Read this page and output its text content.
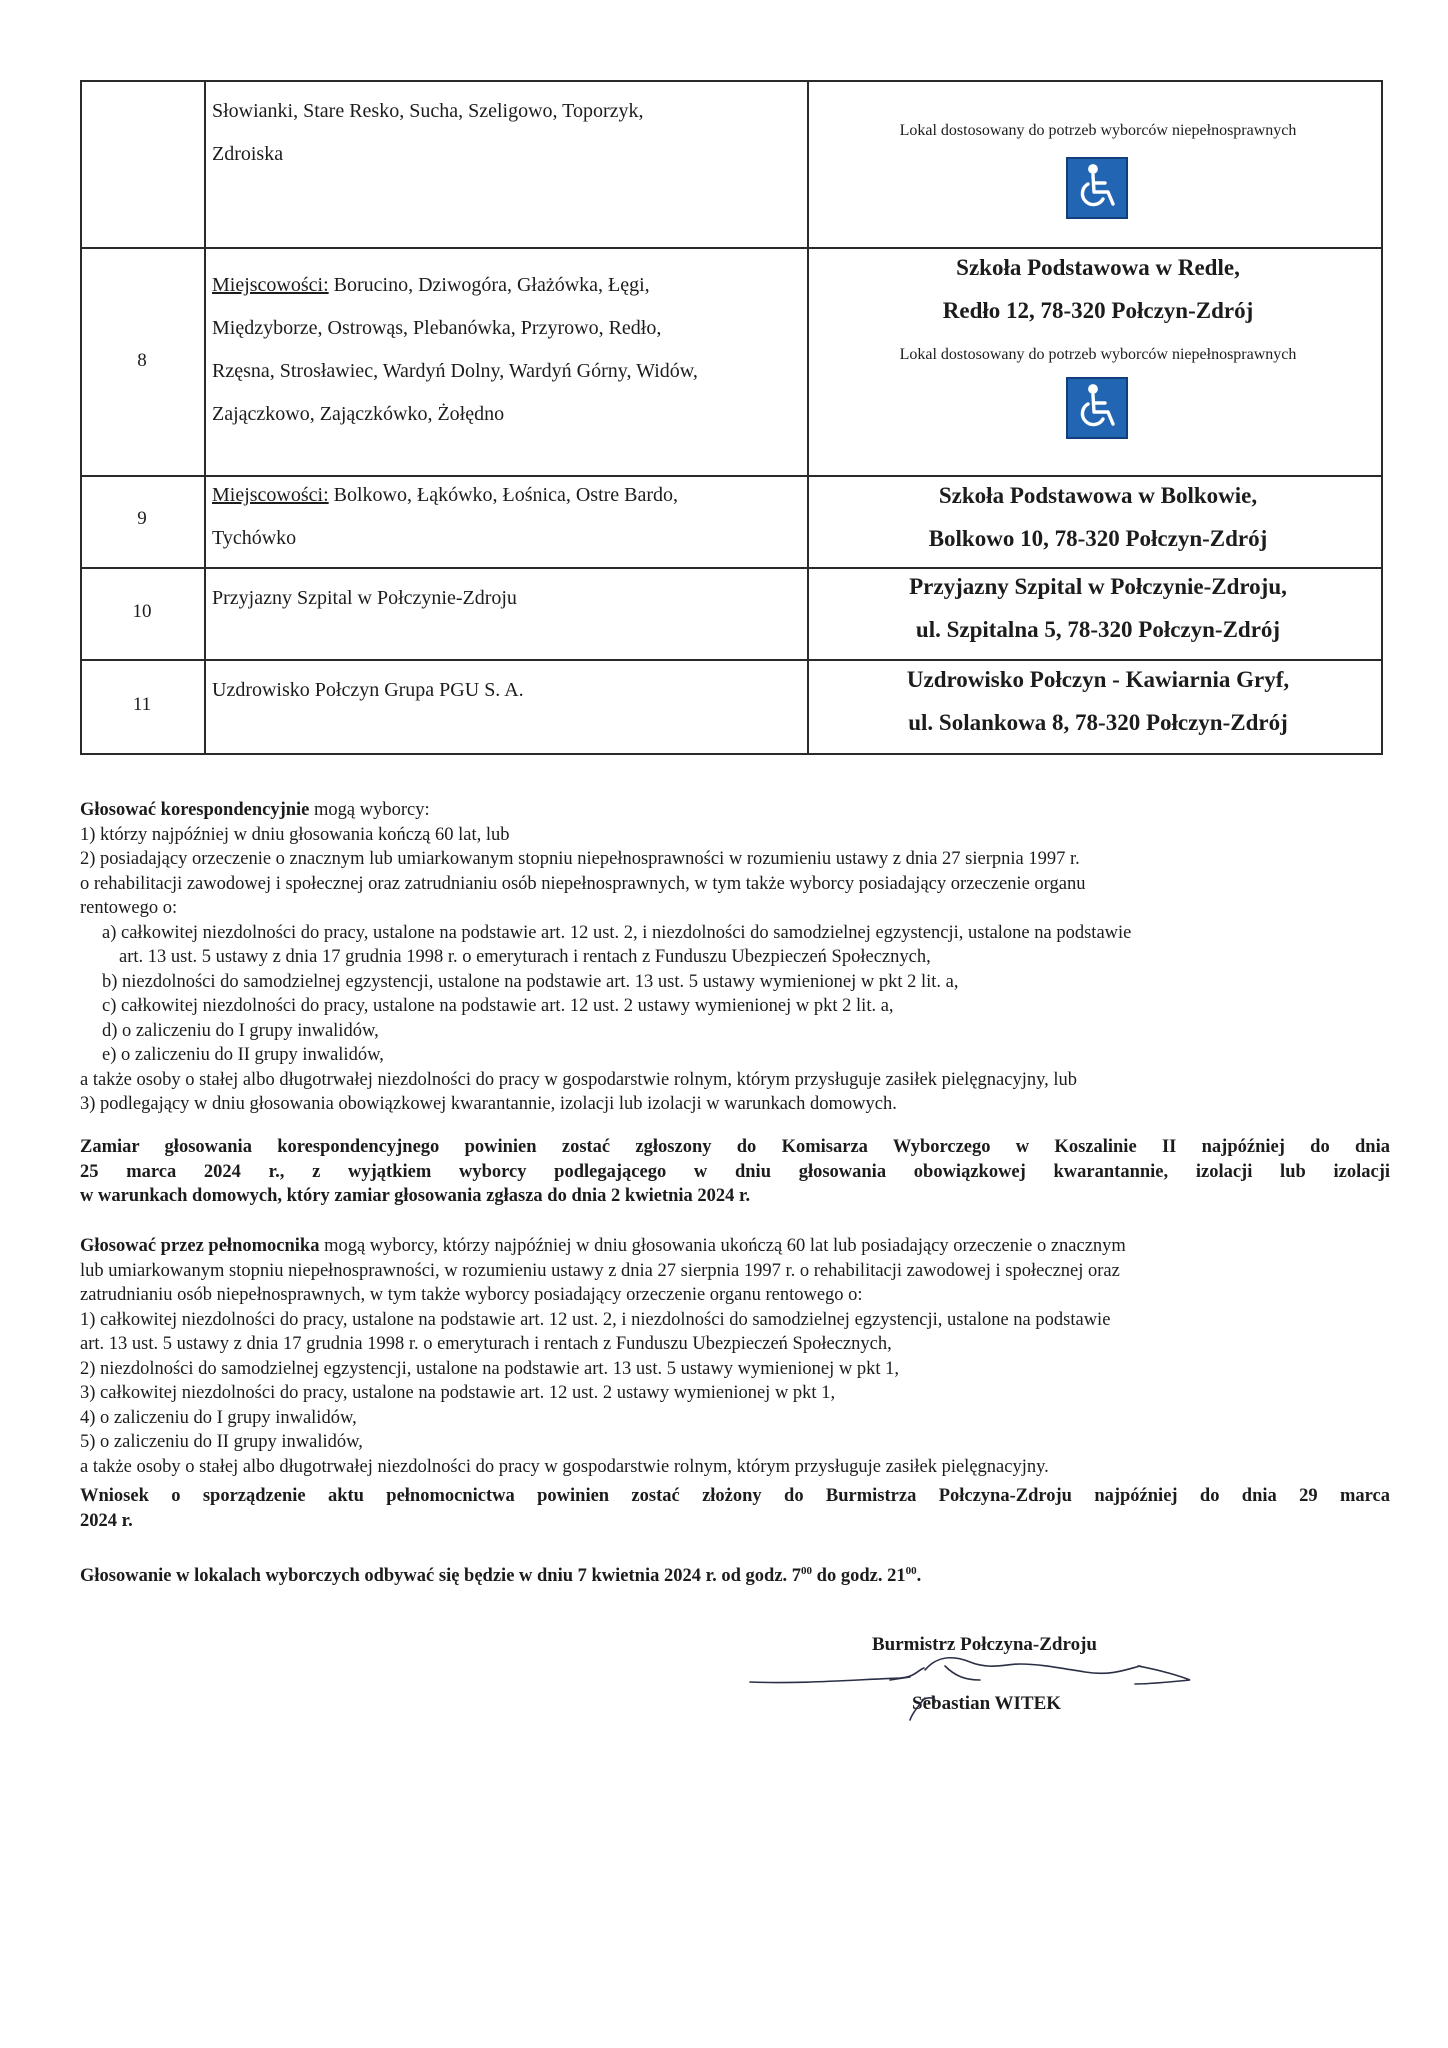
Słowianki, Stare Resko, Sucha, Szeligowo, Toporzyk,
Zdroiska
Lokal dostosowany do potrzeb wyborców niepełnosprawnych
8
Miejscowości: Borucino, Dziwogóra, Głażówka, Łęgi,
Międzyborze, Ostrowąs, Plebanówka, Przyrowo, Redło,
Rzęsna, Strosławiec, Wardyń Dolny, Wardyń Górny, Widów,
Zajączkowo, Zajączkówko, Żołędno
Szkoła Podstawowa w Redle,
Redło 12, 78-320 Połczyn-Zdrój
Lokal dostosowany do potrzeb wyborców niepełnosprawnych
9
Miejscowości: Bolkowo, Łąkówko, Łośnica, Ostre Bardo,
Tychówko
Szkoła Podstawowa w Bolkowie,
Bolkowo 10, 78-320 Połczyn-Zdrój
10
Przyjazny Szpital w Połczynie-Zdroju	Przyjazny Szpital w Połczynie-Zdroju,
ul. Szpitalna 5, 78-320 Połczyn-Zdrój
11
Uzdrowisko Połczyn Grupa PGU S. A.	Uzdrowisko Połczyn - Kawiarnia Gryf,
ul. Solankowa 8, 78-320 Połczyn-Zdrój
Głosować korespondencyjnie mogą wyborcy:
1) którzy najpóźniej w dniu głosowania kończą 60 lat, lub
2) posiadający orzeczenie o znacznym lub umiarkowanym stopniu niepełnosprawności w rozumieniu ustawy z dnia 27 sierpnia 1997 r.
o rehabilitacji zawodowej i społecznej oraz zatrudnianiu osób niepełnosprawnych, w tym także wyborcy posiadający orzeczenie organu
rentowego o:
a) całkowitej niezdolności do pracy, ustalone na podstawie art. 12 ust. 2, i niezdolności do samodzielnej egzystencji, ustalone na podstawie
art. 13 ust. 5 ustawy z dnia 17 grudnia 1998 r. o emeryturach i rentach z Funduszu Ubezpieczeń Społecznych,
b) niezdolności do samodzielnej egzystencji, ustalone na podstawie art. 13 ust. 5 ustawy wymienionej w pkt 2 lit. a,
c) całkowitej niezdolności do pracy, ustalone na podstawie art. 12 ust. 2 ustawy wymienionej w pkt 2 lit. a,
d) o zaliczeniu do I grupy inwalidów,
e) o zaliczeniu do II grupy inwalidów,
a także osoby o stałej albo długotrwałej niezdolności do pracy w gospodarstwie rolnym, którym przysługuje zasiłek pielęgnacyjny, lub
3) podlegający w dniu głosowania obowiązkowej kwarantannie, izolacji lub izolacji w warunkach domowych.
Zamiar głosowania korespondencyjnego powinien zostać zgłoszony do Komisarza Wyborczego w Koszalinie II najpóźniej do dnia
25 marca 2024 r., z wyjątkiem wyborcy podlegającego w dniu głosowania obowiązkowej kwarantannie, izolacji lub izolacji
w warunkach domowych, który zamiar głosowania zgłasza do dnia 2 kwietnia 2024 r.
Głosować przez pełnomocnika mogą wyborcy, którzy najpóźniej w dniu głosowania ukończą 60 lat lub posiadający orzeczenie o znacznym
lub umiarkowanym stopniu niepełnosprawności, w rozumieniu ustawy z dnia 27 sierpnia 1997 r. o rehabilitacji zawodowej i społecznej oraz
zatrudnianiu osób niepełnosprawnych, w tym także wyborcy posiadający orzeczenie organu rentowego o:
1) całkowitej niezdolności do pracy, ustalone na podstawie art. 12 ust. 2, i niezdolności do samodzielnej egzystencji, ustalone na podstawie
art. 13 ust. 5 ustawy z dnia 17 grudnia 1998 r. o emeryturach i rentach z Funduszu Ubezpieczeń Społecznych,
2) niezdolności do samodzielnej egzystencji, ustalone na podstawie art. 13 ust. 5 ustawy wymienionej w pkt 1,
3) całkowitej niezdolności do pracy, ustalone na podstawie art. 12 ust. 2 ustawy wymienionej w pkt 1,
4) o zaliczeniu do I grupy inwalidów,
5) o zaliczeniu do II grupy inwalidów,
a także osoby o stałej albo długotrwałej niezdolności do pracy w gospodarstwie rolnym, którym przysługuje zasiłek pielęgnacyjny.
Wniosek o sporządzenie aktu pełnomocnictwa powinien zostać złożony do Burmistrza Połczyna-Zdroju najpóźniej do dnia 29 marca
2024 r.
Głosowanie w lokalach wyborczych odbywać się będzie w dniu 7 kwietnia 2024 r. od godz. $7^{00}$ do godz. $21^{00}$.
Burmistrz Połczyna-Zdroju
Sebastian WITEK
